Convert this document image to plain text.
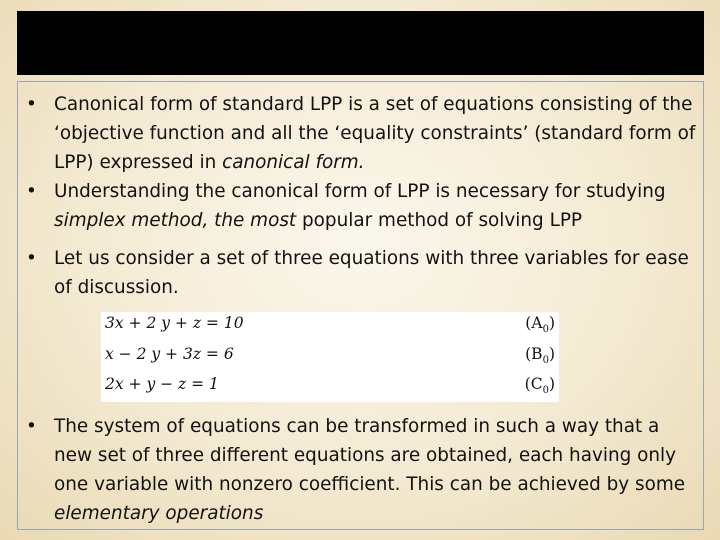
• Canonical form of standard LPP is a set of equations consisting of the ‘objective function and all the ‘equality constraints’ (standard form of LPP) expressed in canonical form.
• Understanding the canonical form of LPP is necessary for studying simplex method, the most popular method of solving LPP
• Let us consider a set of three equations with three variables for ease of discussion.
• The system of equations can be transformed in such a way that a new set of three different equations are obtained, each having only one variable with nonzero coefficient. This can be achieved by some elementary operations
3x + 2 y + z = 10	$(A_0)$
x − 2 y + 3z = 6	$(B_0)$
2x + y − z = 1	$(C_0)$
